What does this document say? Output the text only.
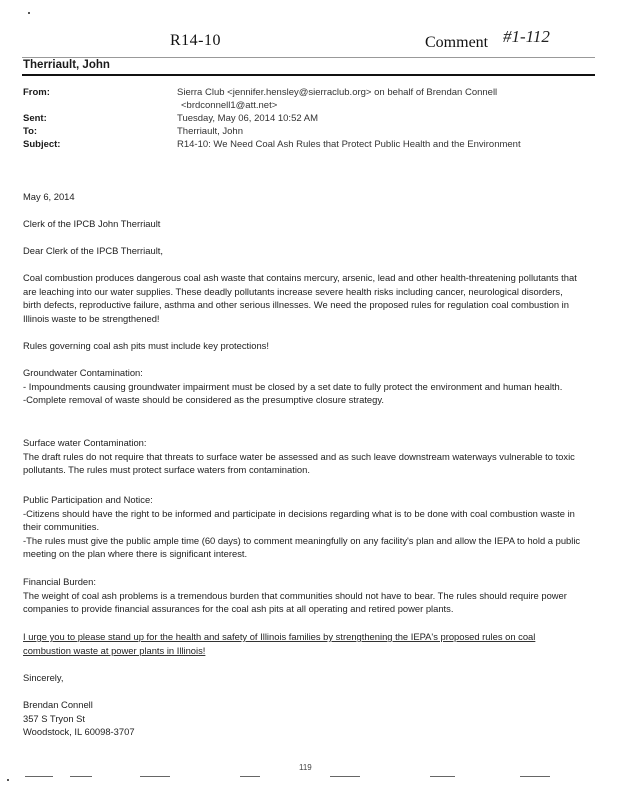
R14-10	Comment #1-112
Therriault, John
From:	Sierra Club <jennifer.hensley@sierraclub.org> on behalf of Brendan Connell
<brdconnell1@att.net>
Sent:	Tuesday, May 06, 2014 10:52 AM
To:	Therriault, John
Subject:	R14-10: We Need Coal Ash Rules that Protect Public Health and the Environment
May 6, 2014
Clerk of the IPCB John Therriault
Dear Clerk of the IPCB Therriault,
Coal combustion produces dangerous coal ash waste that contains mercury, arsenic, lead and other health-threatening pollutants that are leaching into our water supplies. These deadly pollutants increase severe health risks including cancer, neurological disorders, birth defects, reproductive failure, asthma and other serious illnesses. We need the proposed rules for regulation coal combustion in Illinois waste to be strengthened!
Rules governing coal ash pits must include key protections!

Groundwater Contamination:

- Impoundments causing groundwater impairment must be closed by a set date to fully protect the environment and human health.

-Complete removal of waste should be considered as the presumptive closure strategy.

Surface water Contamination:

The draft rules do not require that threats to surface water be assessed and as such leave downstream waterways vulnerable to toxic pollutants. The rules must protect surface waters from contamination.

Public Participation and Notice:

-Citizens should have the right to be informed and participate in decisions regarding what is to be done with coal combustion waste in their communities.

-The rules must give the public ample time (60 days) to comment meaningfully on any facility's plan and allow the IEPA to hold a public meeting on the plan where there is significant interest.

Financial Burden:

The weight of coal ash problems is a tremendous burden that communities should not have to bear. The rules should require power companies to provide financial assurances for the coal ash pits at all operating and retired power plants.

I urge you to please stand up for the health and safety of Illinois families by strengthening the IEPA's proposed rules on coal combustion waste at power plants in Illinois!
Sincerely,

Brendan Connell

357 S Tryon St

Woodstock, IL 60098-3707

119
